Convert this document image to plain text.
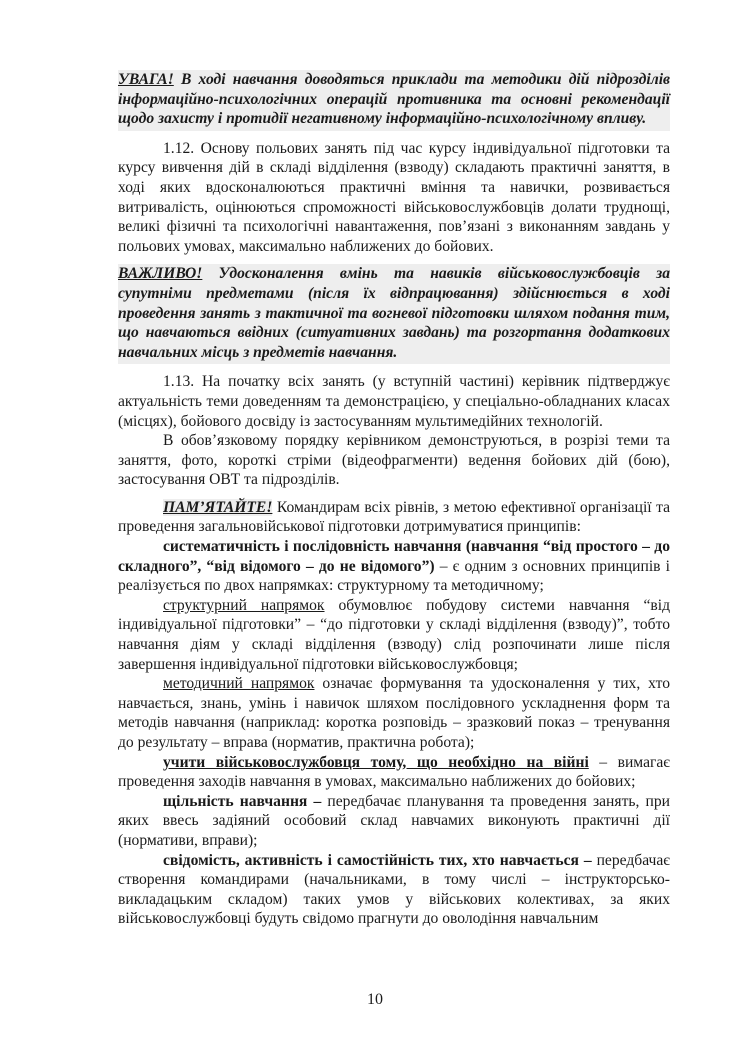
УВАГА! В ході навчання доводяться приклади та методики дій підрозділів інформаційно-психологічних операцій противника та основні рекомендації щодо захисту і протидії негативному інформаційно-психологічному впливу.

1.12. Основу польових занять під час курсу індивідуальної підготовки та курсу вивчення дій в складі відділення (взводу) складають практичні заняття, в ході яких вдосконалюються практичні вміння та навички, розвивається витривалість, оцінюються спроможності військовослужбовців долати труднощі, великі фізичні та психологічні навантаження, пов’язані з виконанням завдань у польових умовах, максимально наближених до бойових.

ВАЖЛИВО! Удосконалення вмінь та навиків військовослужбовців за супутніми предметами (після їх відпрацювання) здійснюється в ході проведення занять з тактичної та вогневої підготовки шляхом подання тим, що навчаються ввідних (ситуативних завдань) та розгортання додаткових навчальних місць з предметів навчання.

1.13. На початку всіх занять (у вступній частині) керівник підтверджує актуальність теми доведенням та демонстрацією, у спеціально-обладнаних класах (місцях), бойового досвіду із застосуванням мультимедійних технологій.

В обов’язковому порядку керівником демонструються, в розрізі теми та заняття, фото, короткі стріми (відеофрагменти) ведення бойових дій (бою), застосування ОВТ та підрозділів.

ПАМ’ЯТАЙТЕ! Командирам всіх рівнів, з метою ефективної організації та проведення загальновійськової підготовки дотримуватися принципів:

систематичність і послідовність навчання (навчання “від простого – до складного”, “від відомого – до не відомого”) – є одним з основних принципів і реалізується по двох напрямках: структурному та методичному;

структурний напрямок обумовлює побудову системи навчання “від індивідуальної підготовки” – “до підготовки у складі відділення (взводу)”, тобто навчання діям у складі відділення (взводу) слід розпочинати лише після завершення індивідуальної підготовки військовослужбовця;

методичний напрямок означає формування та удосконалення у тих, хто навчається, знань, умінь і навичок шляхом послідовного ускладнення форм та методів навчання (наприклад: коротка розповідь – зразковий показ – тренування до результату – вправа (норматив, практична робота);

учити військовослужбовця тому, що необхідно на війні – вимагає проведення заходів навчання в умовах, максимально наближених до бойових;

щільність навчання – передбачає планування та проведення занять, при яких ввесь задіяний особовий склад навчамих виконують практичні дії (нормативи, вправи);

свідомість, активність і самостійність тих, хто навчається – передбачає створення командирами (начальниками, в тому числі – інструкторсько-викладацьким складом) таких умов у військових колективах, за яких військовослужбовці будуть свідомо прагнути до оволодіння навчальним

10
